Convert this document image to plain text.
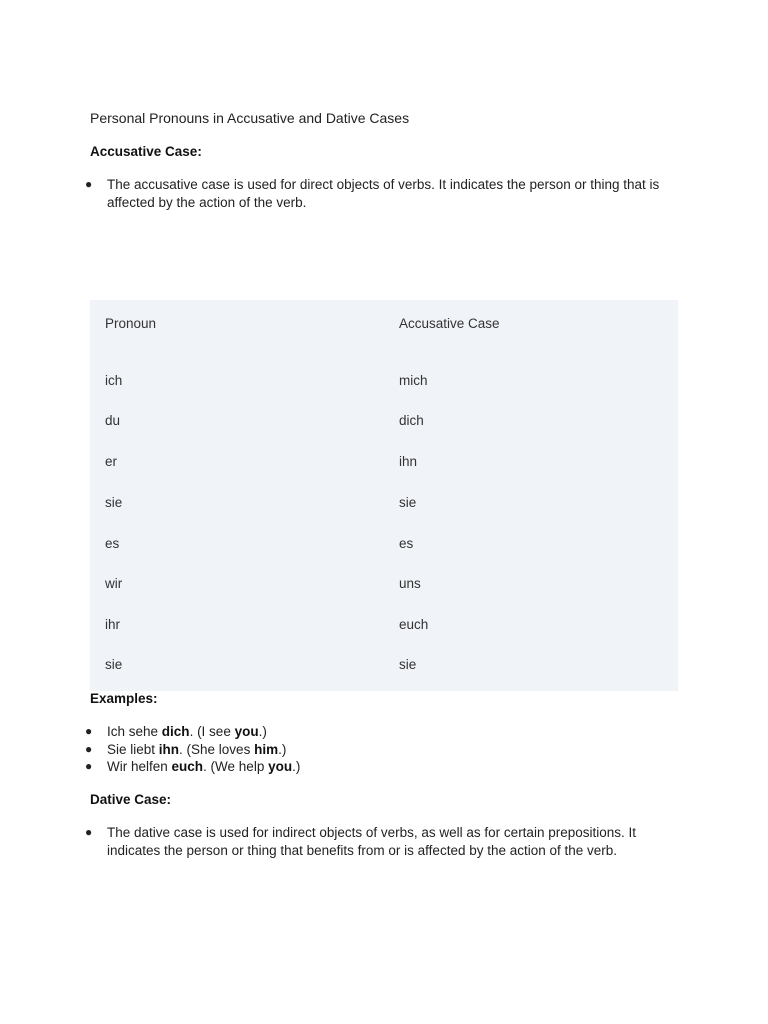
Personal Pronouns in Accusative and Dative Cases
Accusative Case:
● The accusative case is used for direct objects of verbs. It indicates the person or thing that is affected by the action of the verb.
Pronoun	Accusative Case
ich	mich
du	dich
er	ihn
sie	sie
es	es
wir	uns
ihr	euch
sie	sie
Examples:
● Ich sehe dich. (I see you.)
● Sie liebt ihn. (She loves him.)
● Wir helfen euch. (We help you.)
Dative Case:
● The dative case is used for indirect objects of verbs, as well as for certain prepositions. It indicates the person or thing that benefits from or is affected by the action of the verb.
